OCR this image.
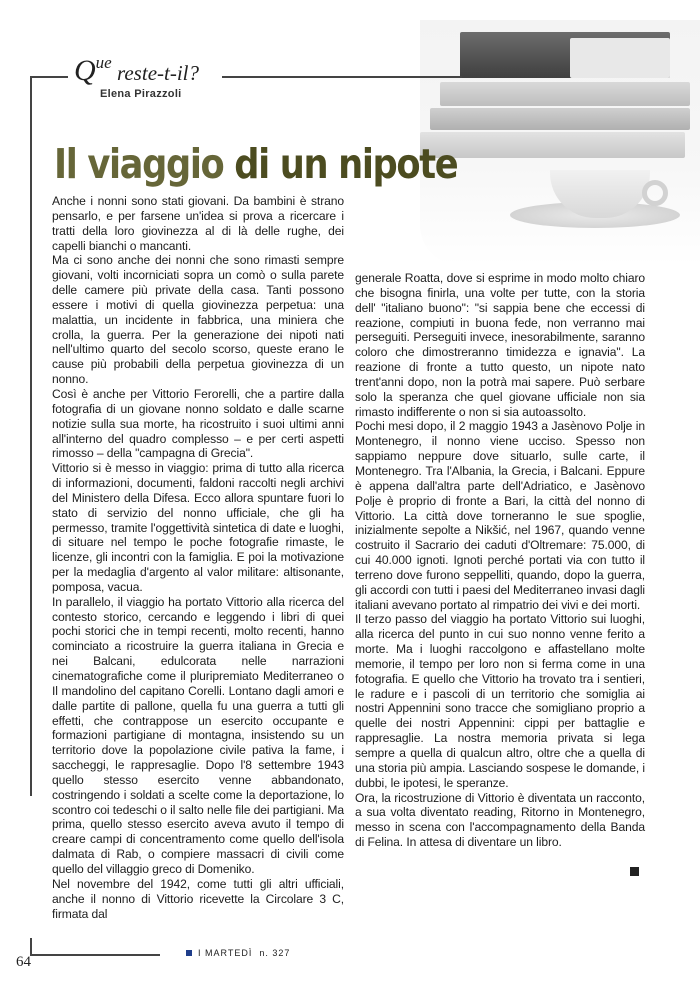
Que reste-t-il?
Elena Pirazzoli
Il viaggio di un nipote

Anche i nonni sono stati giovani. Da bambini è strano pensarlo, e per farsene un'idea si prova a ricercare i tratti della loro giovinezza al di là delle rughe, dei capelli bianchi o mancanti.

Ma ci sono anche dei nonni che sono rimasti sempre giovani, volti incorniciati sopra un comò o sulla parete delle camere più private della casa. Tanti possono essere i motivi di quella giovinezza perpetua: una malattia, un incidente in fabbrica, una miniera che crolla, la guerra. Per la generazione dei nipoti nati nell'ultimo quarto del secolo scorso, queste erano le cause più probabili della perpetua giovinezza di un nonno.

Così è anche per Vittorio Ferorelli, che a partire dalla fotografia di un giovane nonno soldato e dalle scarne notizie sulla sua morte, ha ricostruito i suoi ultimi anni all'interno del quadro complesso – e per certi aspetti rimosso – della "campagna di Grecia".

Vittorio si è messo in viaggio: prima di tutto alla ricerca di informazioni, documenti, faldoni raccolti negli archivi del Ministero della Difesa. Ecco allora spuntare fuori lo stato di servizio del nonno ufficiale, che gli ha permesso, tramite l'oggettività sintetica di date e luoghi, di situare nel tempo le poche fotografie rimaste, le licenze, gli incontri con la famiglia. E poi la motivazione per la medaglia d'argento al valor militare: altisonante, pomposa, vacua.

In parallelo, il viaggio ha portato Vittorio alla ricerca del contesto storico, cercando e leggendo i libri di quei pochi storici che in tempi recenti, molto recenti, hanno cominciato a ricostruire la guerra italiana in Grecia e nei Balcani, edulcorata nelle narrazioni cinematografiche come il pluripremiato Mediterraneo o Il mandolino del capitano Corelli. Lontano dagli amori e dalle partite di pallone, quella fu una guerra a tutti gli effetti, che contrappose un esercito occupante e formazioni partigiane di montagna, insistendo su un territorio dove la popolazione civile pativa la fame, i saccheggi, le rappresaglie. Dopo l'8 settembre 1943 quello stesso esercito venne abbandonato, costringendo i soldati a scelte come la deportazione, lo scontro coi tedeschi o il salto nelle file dei partigiani. Ma prima, quello stesso esercito aveva avuto il tempo di creare campi di concentramento come quello dell'isola dalmata di Rab, o compiere massacri di civili come quello del villaggio greco di Domeniko.

Nel novembre del 1942, come tutti gli altri ufficiali, anche il nonno di Vittorio ricevette la Circolare 3 C, firmata dal

generale Roatta, dove si esprime in modo molto chiaro che bisogna finirla, una volte per tutte, con la storia dell' "italiano buono": "si sappia bene che eccessi di reazione, compiuti in buona fede, non verranno mai perseguiti. Perseguiti invece, inesorabilmente, saranno coloro che dimostreranno timidezza e ignavia". La reazione di fronte a tutto questo, un nipote nato trent'anni dopo, non la potrà mai sapere. Può serbare solo la speranza che quel giovane ufficiale non sia rimasto indifferente o non si sia autoassolto.

Pochi mesi dopo, il 2 maggio 1943 a Jasènovo Polje in Montenegro, il nonno viene ucciso. Spesso non sappiamo neppure dove situarlo, sulle carte, il Montenegro. Tra l'Albania, la Grecia, i Balcani. Eppure è appena dall'altra parte dell'Adriatico, e Jasènovo Polje è proprio di fronte a Bari, la città del nonno di Vittorio. La città dove torneranno le sue spoglie, inizialmente sepolte a Nikšić, nel 1967, quando venne costruito il Sacrario dei caduti d'Oltremare: 75.000, di cui 40.000 ignoti. Ignoti perché portati via con tutto il terreno dove furono seppelliti, quando, dopo la guerra, gli accordi con tutti i paesi del Mediterraneo invasi dagli italiani avevano portato al rimpatrio dei vivi e dei morti.

Il terzo passo del viaggio ha portato Vittorio sui luoghi, alla ricerca del punto in cui suo nonno venne ferito a morte. Ma i luoghi raccolgono e affastellano molte memorie, il tempo per loro non si ferma come in una fotografia. E quello che Vittorio ha trovato tra i sentieri, le radure e i pascoli di un territorio che somiglia ai nostri Appennini sono tracce che somigliano proprio a quelle dei nostri Appennini: cippi per battaglie e rappresaglie. La nostra memoria privata si lega sempre a quella di qualcun altro, oltre che a quella di una storia più ampia. Lasciando sospese le domande, i dubbi, le ipotesi, le speranze.

Ora, la ricostruzione di Vittorio è diventata un racconto, a sua volta diventato reading, Ritorno in Montenegro, messo in scena con l'accompagnamento della Banda di Felina. In attesa di diventare un libro.

64
I MARTEDÌ n. 327
